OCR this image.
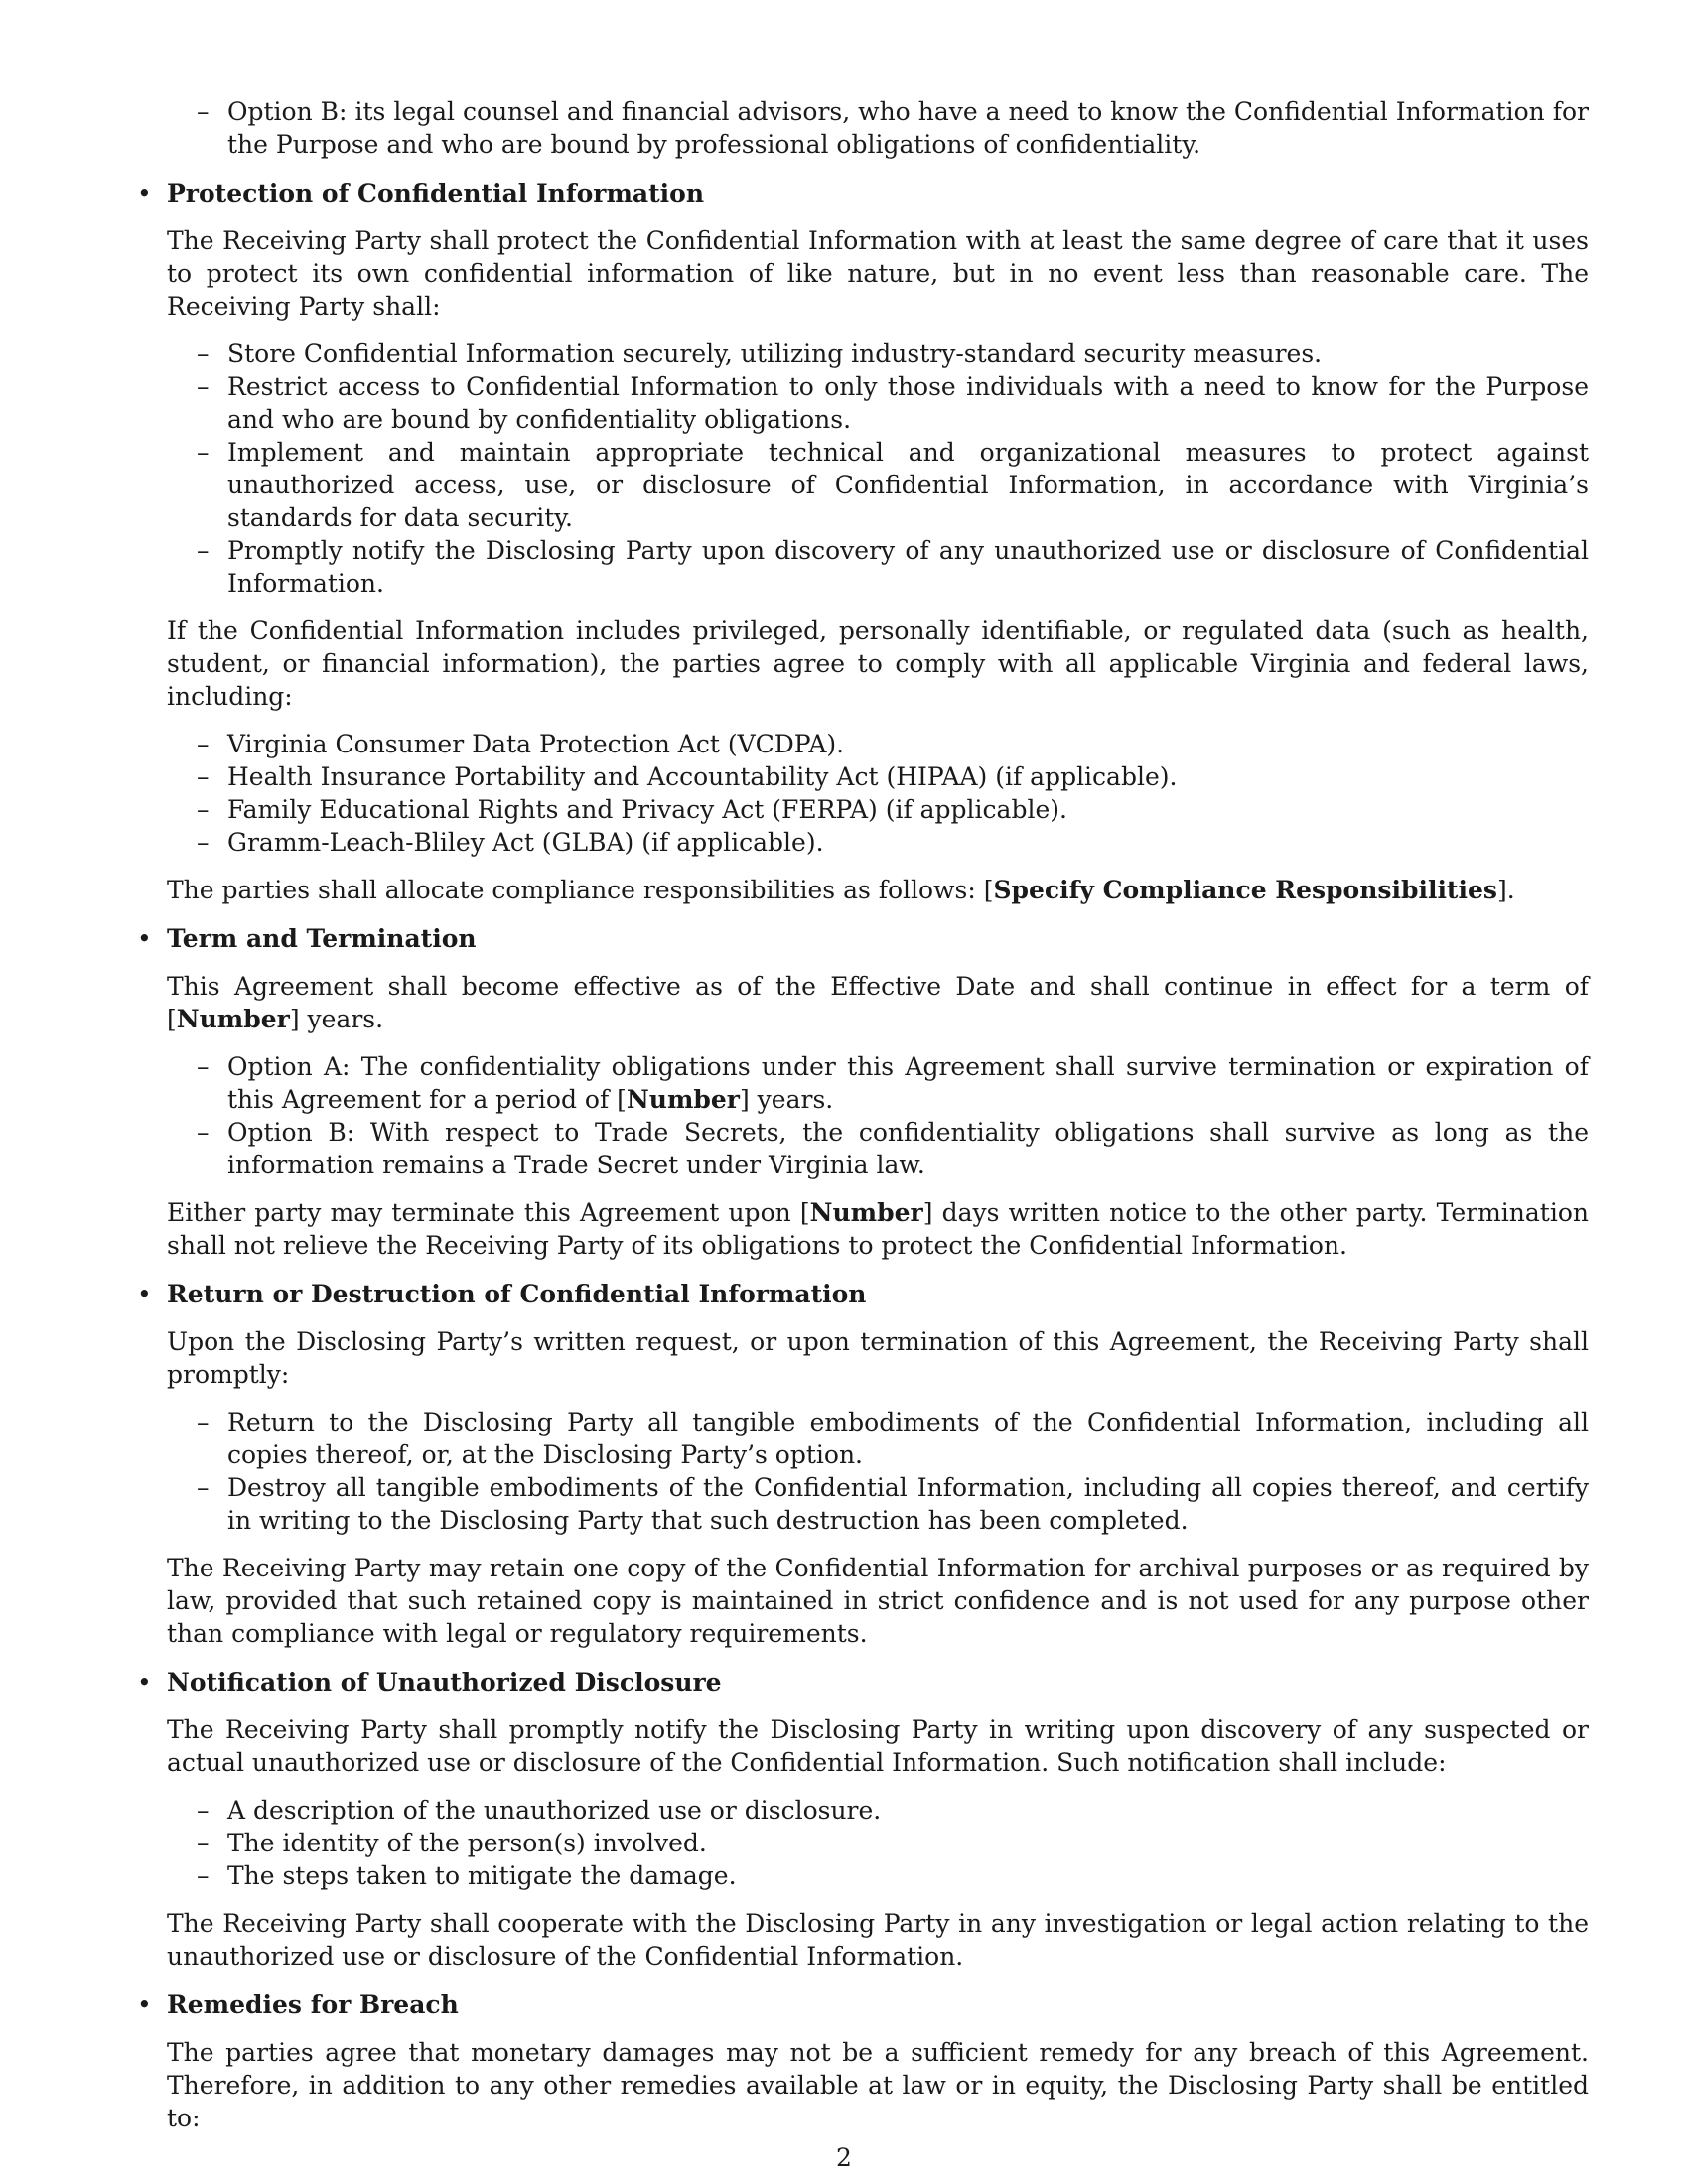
– Option B: its legal counsel and financial advisors, who have a need to know the Confidential Information for the Purpose and who are bound by professional obligations of confidentiality.
• Protection of Confidential Information

The Receiving Party shall protect the Confidential Information with at least the same degree of care that it uses to protect its own confidential information of like nature, but in no event less than reasonable care. The Receiving Party shall:

– Store Confidential Information securely, utilizing industry-standard security measures.
– Restrict access to Confidential Information to only those individuals with a need to know for the Purpose and who are bound by confidentiality obligations.
– Implement and maintain appropriate technical and organizational measures to protect against unauthorized access, use, or disclosure of Confidential Information, in accordance with Virginia’s standards for data security.
– Promptly notify the Disclosing Party upon discovery of any unauthorized use or disclosure of Confidential Information.

If the Confidential Information includes privileged, personally identifiable, or regulated data (such as health, student, or financial information), the parties agree to comply with all applicable Virginia and federal laws, including:

– Virginia Consumer Data Protection Act (VCDPA).
– Health Insurance Portability and Accountability Act (HIPAA) (if applicable).
– Family Educational Rights and Privacy Act (FERPA) (if applicable).
– Gramm-Leach-Bliley Act (GLBA) (if applicable).

The parties shall allocate compliance responsibilities as follows: [Specify Compliance Responsibilities].

• Term and Termination

This Agreement shall become effective as of the Effective Date and shall continue in effect for a term of [Number] years.

– Option A: The confidentiality obligations under this Agreement shall survive termination or expiration of this Agreement for a period of [Number] years.
– Option B: With respect to Trade Secrets, the confidentiality obligations shall survive as long as the information remains a Trade Secret under Virginia law.

Either party may terminate this Agreement upon [Number] days written notice to the other party. Termination shall not relieve the Receiving Party of its obligations to protect the Confidential Information.

• Return or Destruction of Confidential Information

Upon the Disclosing Party’s written request, or upon termination of this Agreement, the Receiving Party shall promptly:

– Return to the Disclosing Party all tangible embodiments of the Confidential Information, including all copies thereof, or, at the Disclosing Party’s option.
– Destroy all tangible embodiments of the Confidential Information, including all copies thereof, and certify in writing to the Disclosing Party that such destruction has been completed.

The Receiving Party may retain one copy of the Confidential Information for archival purposes or as required by law, provided that such retained copy is maintained in strict confidence and is not used for any purpose other than compliance with legal or regulatory requirements.

• Notification of Unauthorized Disclosure

The Receiving Party shall promptly notify the Disclosing Party in writing upon discovery of any suspected or actual unauthorized use or disclosure of the Confidential Information. Such notification shall include:

– A description of the unauthorized use or disclosure.
– The identity of the person(s) involved.
– The steps taken to mitigate the damage.

The Receiving Party shall cooperate with the Disclosing Party in any investigation or legal action relating to the unauthorized use or disclosure of the Confidential Information.

• Remedies for Breach

The parties agree that monetary damages may not be a sufficient remedy for any breach of this Agreement. Therefore, in addition to any other remedies available at law or in equity, the Disclosing Party shall be entitled to:

2
